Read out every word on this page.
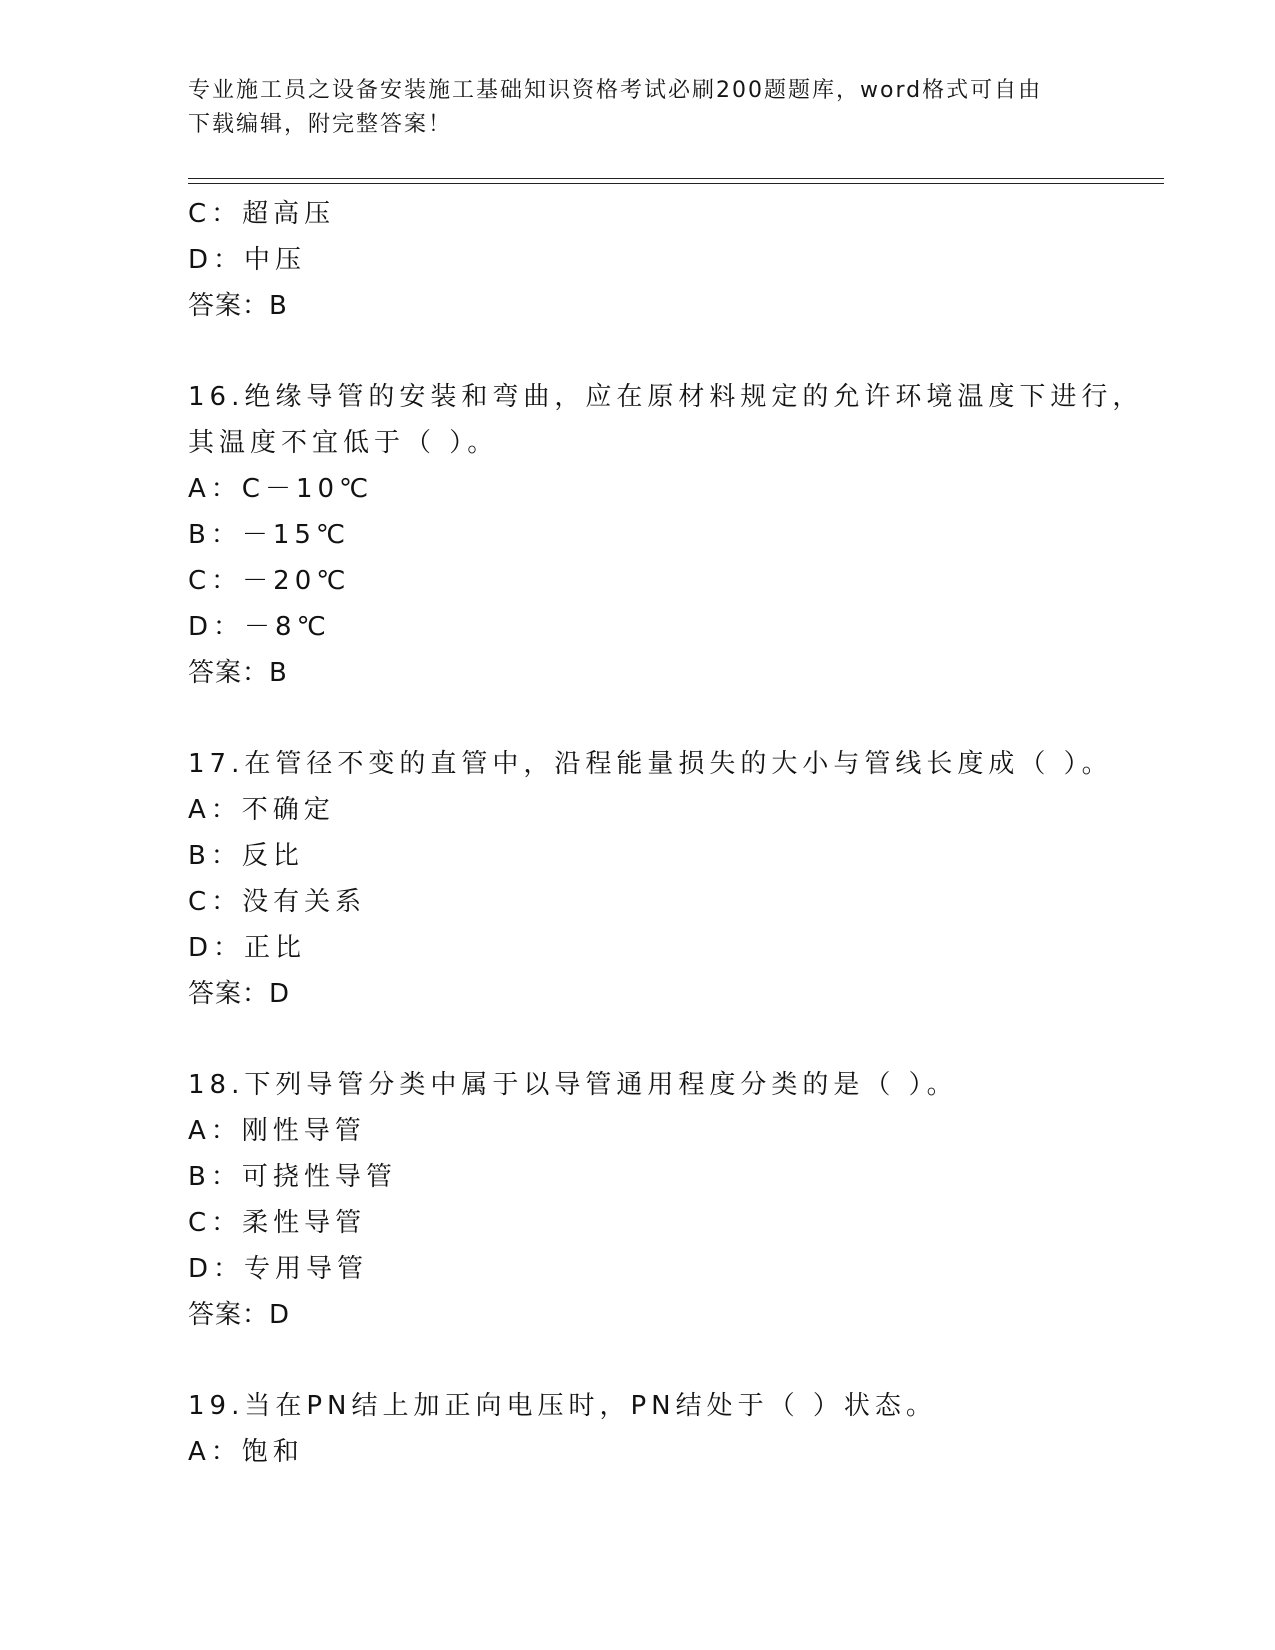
专业施工员之设备安装施工基础知识资格考试必刷200题题库，word格式可自由
下载编辑，附完整答案！
C：超高压
D：中压
答案：B
16.绝缘导管的安装和弯曲，应在原材料规定的允许环境温度下进行，
其温度不宜低于（ ）。
A：C－10℃
B：－15℃
C：－20℃
D：－8℃
答案：B
17.在管径不变的直管中，沿程能量损失的大小与管线长度成（ ）。
A：不确定
B：反比
C：没有关系
D：正比
答案：D
18.下列导管分类中属于以导管通用程度分类的是（ ）。
A：刚性导管
B：可挠性导管
C：柔性导管
D：专用导管
答案：D
19.当在PN结上加正向电压时，PN结处于（ ）状态。
A：饱和
